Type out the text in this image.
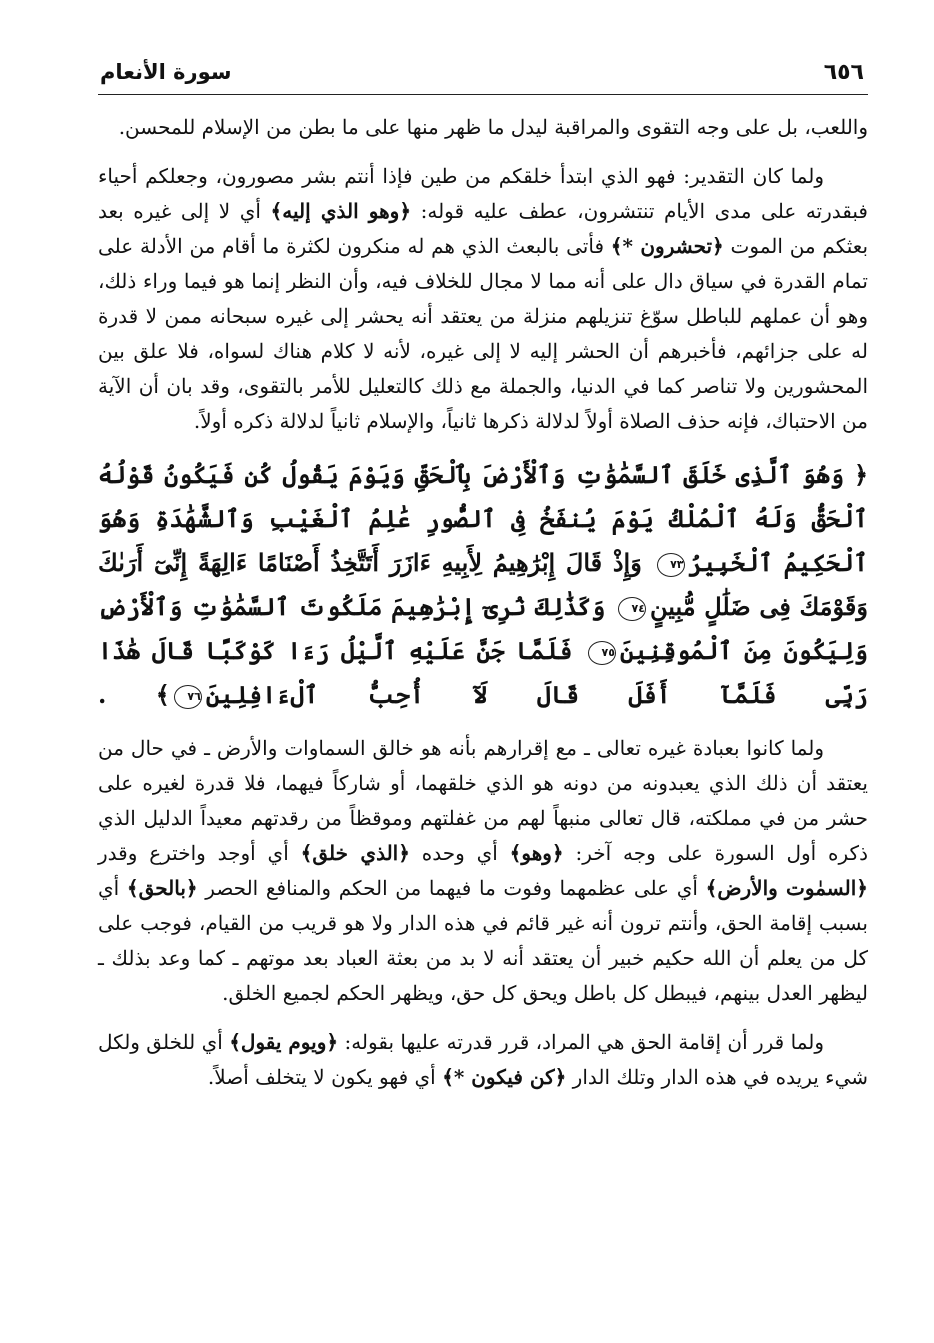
٦٥٦
سورة الأنعام

واللعب، بل على وجه التقوى والمراقبة ليدل ما ظهر منها على ما بطن من الإسلام للمحسن.

ولما كان التقدير: فهو الذي ابتدأ خلقكم من طين فإذا أنتم بشر مصورون، وجعلكم أحياء فبقدرته على مدى الأيام تنتشرون، عطف عليه قوله: ﴿وهو الذي إليه﴾ أي لا إلى غيره بعد بعثكم من الموت ﴿تحشرون *﴾ فأتى بالبعث الذي هم له منكرون لكثرة ما أقام من الأدلة على تمام القدرة في سياق دال على أنه مما لا مجال للخلاف فيه، وأن النظر إنما هو فيما وراء ذلك، وهو أن عملهم للباطل سوّغ تنزيلهم منزلة من يعتقد أنه يحشر إلى غيره سبحانه ممن لا قدرة له على جزائهم، فأخبرهم أن الحشر إليه لا إلى غيره، لأنه لا كلام هناك لسواه، فلا علق بين المحشورين ولا تناصر كما في الدنيا، والجملة مع ذلك كالتعليل للأمر بالتقوى، وقد بان أن الآية من الاحتباك، فإنه حذف الصلاة أولاً لدلالة ذكرها ثانياً، والإسلام ثانياً لدلالة ذكره أولاً.

﴿ وَهُوَ ٱلَّذِى خَلَقَ ٱلسَّمَٰوَٰتِ وَٱلْأَرْضَ بِٱلْحَقِّ وَيَوْمَ يَقُولُ كُن فَيَكُونُ قَوْلُهُ ٱلْحَقُّ وَلَهُ ٱلْمُلْكُ يَوْمَ يُنفَخُ فِى ٱلصُّورِ عَٰلِمُ ٱلْغَيْبِ وَٱلشَّهَٰدَةِ وَهُوَ ٱلْحَكِيمُ ٱلْخَبِيرُ٧٣ وَإِذْ قَالَ إِبْرَٰهِيمُ لِأَبِيهِ ءَازَرَ أَتَتَّخِذُ أَصْنَامًا ءَالِهَةً إِنِّىٓ أَرَىٰكَ وَقَوْمَكَ فِى ضَلَٰلٍ مُّبِينٍ٧٤ وَكَذَٰلِكَ نُرِىٓ إِبْرَٰهِيمَ مَلَكُوتَ ٱلسَّمَٰوَٰتِ وَٱلْأَرْضِ وَلِيَكُونَ مِنَ ٱلْمُوقِنِينَ٧٥ فَلَمَّا جَنَّ عَلَيْهِ ٱلَّيْلُ رَءَا كَوْكَبًا قَالَ هَٰذَا رَبِّى فَلَمَّآ أَفَلَ قَالَ لَآ أُحِبُّ ٱلْءَافِلِينَ٧٦﴾ .

ولما كانوا بعبادة غيره تعالى ـ مع إقرارهم بأنه هو خالق السماوات والأرض ـ في حال من يعتقد أن ذلك الذي يعبدونه من دونه هو الذي خلقهما، أو شاركاً فيهما، فلا قدرة لغيره على حشر من في مملكته، قال تعالى منبهاً لهم من غفلتهم وموقظاً من رقدتهم معيداً الدليل الذي ذكره أول السورة على وجه آخر: ﴿وهو﴾ أي وحده ﴿الذي خلق﴾ أي أوجد واخترع وقدر ﴿السمٰوت والأرض﴾ أي على عظمهما وفوت ما فيهما من الحكم والمنافع الحصر ﴿بالحق﴾ أي بسبب إقامة الحق، وأنتم ترون أنه غير قائم في هذه الدار ولا هو قريب من القيام، فوجب على كل من يعلم أن الله حكيم خبير أن يعتقد أنه لا بد من بعثة العباد بعد موتهم ـ كما وعد بذلك ـ ليظهر العدل بينهم، فيبطل كل باطل ويحق كل حق، ويظهر الحكم لجميع الخلق.

ولما قرر أن إقامة الحق هي المراد، قرر قدرته عليها بقوله: ﴿ويوم يقول﴾ أي للخلق ولكل شيء يريده في هذه الدار وتلك الدار ﴿كن فيكون *﴾ أي فهو يكون لا يتخلف أصلاً.
